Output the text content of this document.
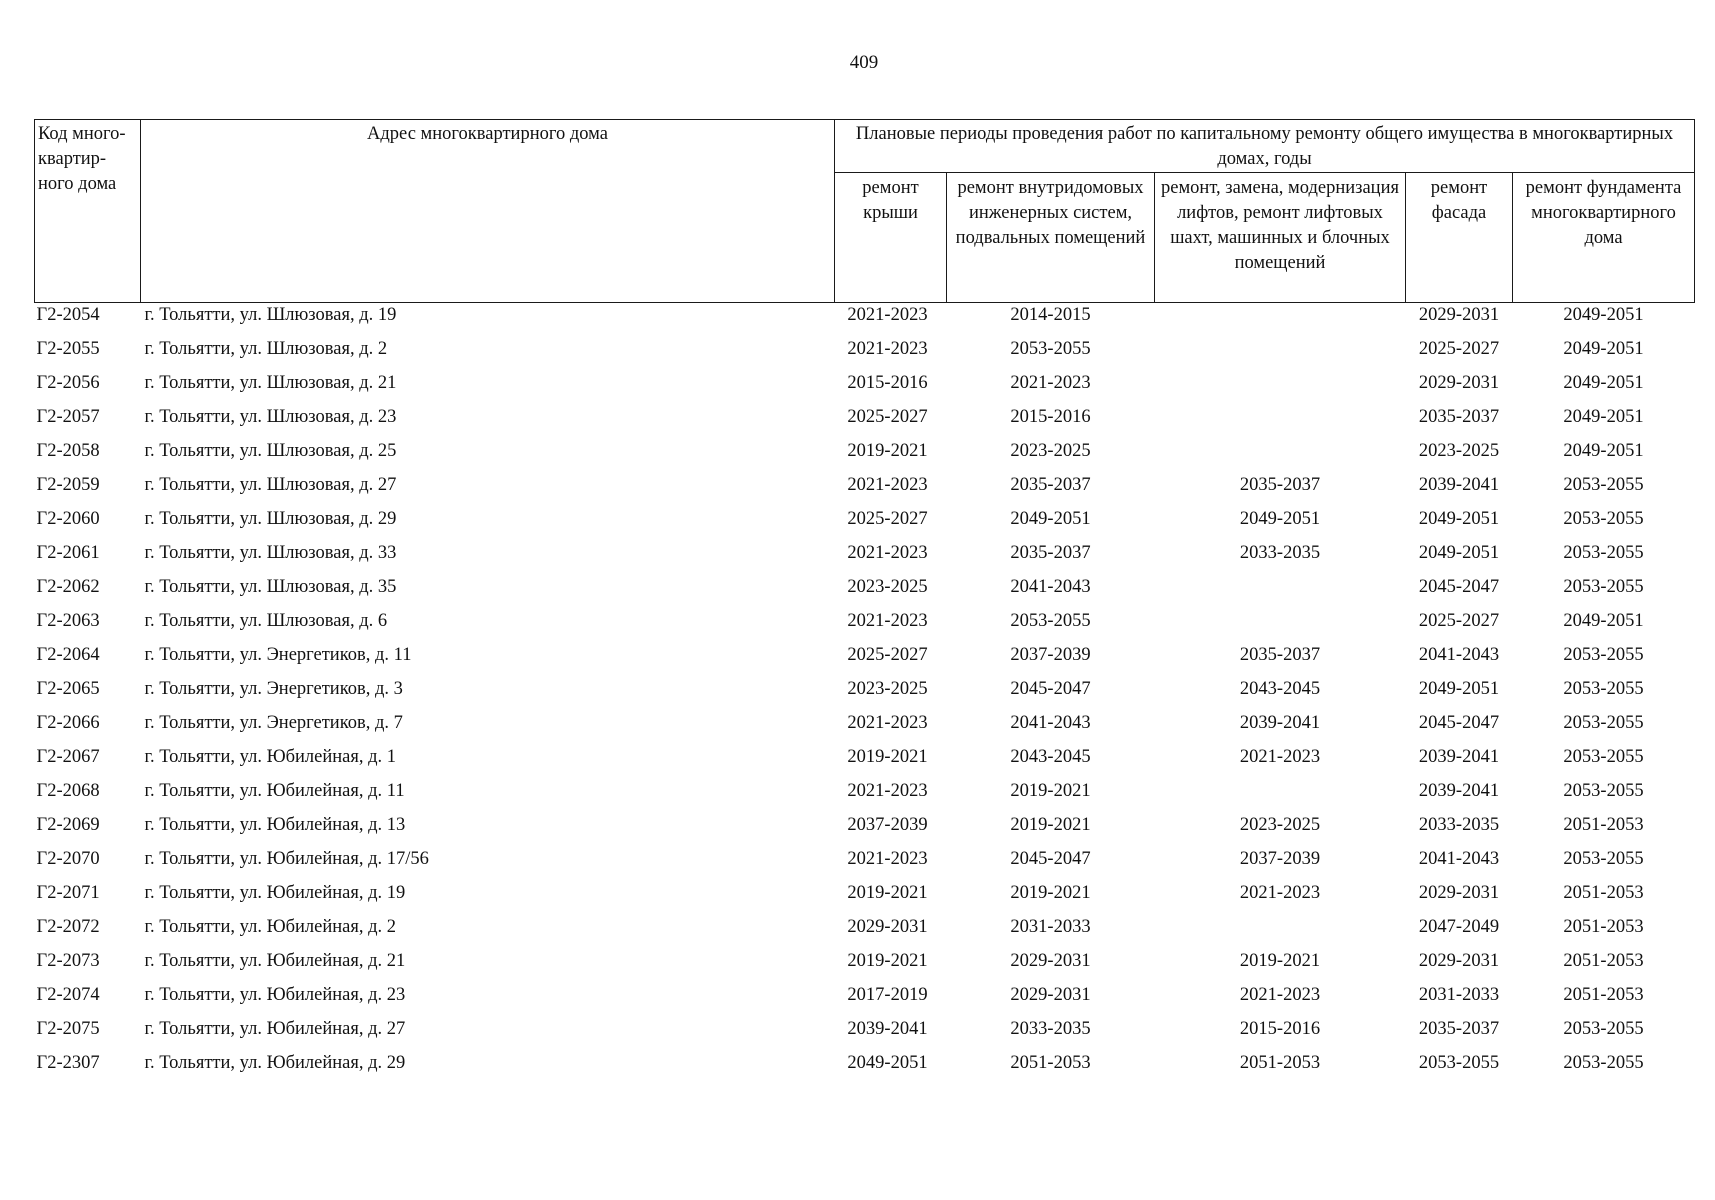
409
Код много-квартир-ного дома	Адрес многоквартирного дома	Плановые периоды проведения работ по капитальному ремонту общего имущества в многоквартирных домах, годы				
		ремонт крыши	ремонт внутридомовых инженерных систем, подвальных помещений	ремонт, замена, модернизация лифтов, ремонт лифтовых шахт, машинных и блочных помещений	ремонт фасада	ремонт фундамента многоквартирного дома
Г2-2054	г. Тольятти, ул. Шлюзовая, д. 19	2021-2023	2014-2015		2029-2031	2049-2051
Г2-2055	г. Тольятти, ул. Шлюзовая, д. 2	2021-2023	2053-2055		2025-2027	2049-2051
Г2-2056	г. Тольятти, ул. Шлюзовая, д. 21	2015-2016	2021-2023		2029-2031	2049-2051
Г2-2057	г. Тольятти, ул. Шлюзовая, д. 23	2025-2027	2015-2016		2035-2037	2049-2051
Г2-2058	г. Тольятти, ул. Шлюзовая, д. 25	2019-2021	2023-2025		2023-2025	2049-2051
Г2-2059	г. Тольятти, ул. Шлюзовая, д. 27	2021-2023	2035-2037	2035-2037	2039-2041	2053-2055
Г2-2060	г. Тольятти, ул. Шлюзовая, д. 29	2025-2027	2049-2051	2049-2051	2049-2051	2053-2055
Г2-2061	г. Тольятти, ул. Шлюзовая, д. 33	2021-2023	2035-2037	2033-2035	2049-2051	2053-2055
Г2-2062	г. Тольятти, ул. Шлюзовая, д. 35	2023-2025	2041-2043		2045-2047	2053-2055
Г2-2063	г. Тольятти, ул. Шлюзовая, д. 6	2021-2023	2053-2055		2025-2027	2049-2051
Г2-2064	г. Тольятти, ул. Энергетиков, д. 11	2025-2027	2037-2039	2035-2037	2041-2043	2053-2055
Г2-2065	г. Тольятти, ул. Энергетиков, д. 3	2023-2025	2045-2047	2043-2045	2049-2051	2053-2055
Г2-2066	г. Тольятти, ул. Энергетиков, д. 7	2021-2023	2041-2043	2039-2041	2045-2047	2053-2055
Г2-2067	г. Тольятти, ул. Юбилейная, д. 1	2019-2021	2043-2045	2021-2023	2039-2041	2053-2055
Г2-2068	г. Тольятти, ул. Юбилейная, д. 11	2021-2023	2019-2021		2039-2041	2053-2055
Г2-2069	г. Тольятти, ул. Юбилейная, д. 13	2037-2039	2019-2021	2023-2025	2033-2035	2051-2053
Г2-2070	г. Тольятти, ул. Юбилейная, д. 17/56	2021-2023	2045-2047	2037-2039	2041-2043	2053-2055
Г2-2071	г. Тольятти, ул. Юбилейная, д. 19	2019-2021	2019-2021	2021-2023	2029-2031	2051-2053
Г2-2072	г. Тольятти, ул. Юбилейная, д. 2	2029-2031	2031-2033		2047-2049	2051-2053
Г2-2073	г. Тольятти, ул. Юбилейная, д. 21	2019-2021	2029-2031	2019-2021	2029-2031	2051-2053
Г2-2074	г. Тольятти, ул. Юбилейная, д. 23	2017-2019	2029-2031	2021-2023	2031-2033	2051-2053
Г2-2075	г. Тольятти, ул. Юбилейная, д. 27	2039-2041	2033-2035	2015-2016	2035-2037	2053-2055
Г2-2307	г. Тольятти, ул. Юбилейная, д. 29	2049-2051	2051-2053	2051-2053	2053-2055	2053-2055
